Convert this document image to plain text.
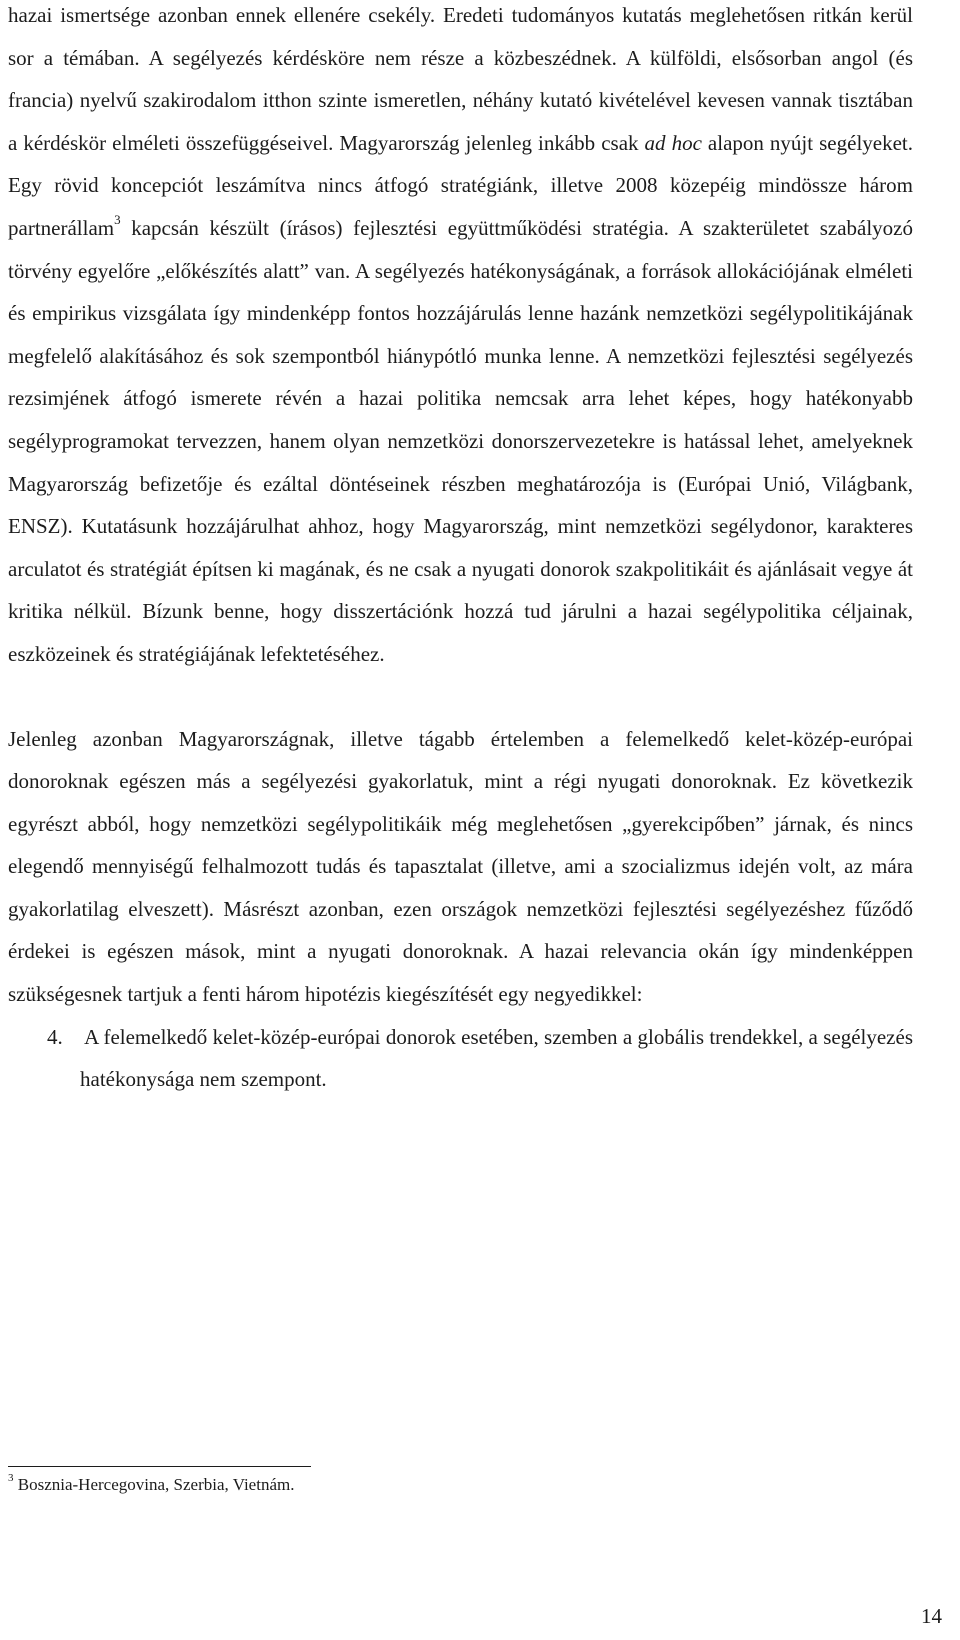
hazai ismertsége azonban ennek ellenére csekély. Eredeti tudományos kutatás meglehetősen ritkán kerül sor a témában. A segélyezés kérdésköre nem része a közbeszédnek. A külföldi, elsősorban angol (és francia) nyelvű szakirodalom itthon szinte ismeretlen, néhány kutató kivételével kevesen vannak tisztában a kérdéskör elméleti összefüggéseivel. Magyarország jelenleg inkább csak ad hoc alapon nyújt segélyeket. Egy rövid koncepciót leszámítva nincs átfogó stratégiánk, illetve 2008 közepéig mindössze három partnerállam$^3$ kapcsán készült (írásos) fejlesztési együttműködési stratégia. A szakterületet szabályozó törvény egyelőre „előkészítés alatt” van. A segélyezés hatékonyságának, a források allokációjának elméleti és empirikus vizsgálata így mindenképp fontos hozzájárulás lenne hazánk nemzetközi segélypolitikájának megfelelő alakításához és sok szempontból hiánypótló munka lenne. A nemzetközi fejlesztési segélyezés rezsimjének átfogó ismerete révén a hazai politika nemcsak arra lehet képes, hogy hatékonyabb segélyprogramokat tervezzen, hanem olyan nemzetközi donorszervezetekre is hatással lehet, amelyeknek Magyarország befizetője és ezáltal döntéseinek részben meghatározója is (Európai Unió, Világbank, ENSZ). Kutatásunk hozzájárulhat ahhoz, hogy Magyarország, mint nemzetközi segélydonor, karakteres arculatot és stratégiát építsen ki magának, és ne csak a nyugati donorok szakpolitikáit és ajánlásait vegye át kritika nélkül. Bízunk benne, hogy disszertációnk hozzá tud járulni a hazai segélypolitika céljainak, eszközeinek és stratégiájának lefektetéséhez.

Jelenleg azonban Magyarországnak, illetve tágabb értelemben a felemelkedő kelet-közép-európai donoroknak egészen más a segélyezési gyakorlatuk, mint a régi nyugati donoroknak. Ez következik egyrészt abból, hogy nemzetközi segélypolitikáik még meglehetősen „gyerekcipőben” járnak, és nincs elegendő mennyiségű felhalmozott tudás és tapasztalat (illetve, ami a szocializmus idején volt, az mára gyakorlatilag elveszett). Másrészt azonban, ezen országok nemzetközi fejlesztési segélyezéshez fűződő érdekei is egészen mások, mint a nyugati donoroknak. A hazai relevancia okán így mindenképpen szükségesnek tartjuk a fenti három hipotézis kiegészítését egy negyedikkel:

4. A felemelkedő kelet-közép-európai donorok esetében, szemben a globális trendekkel, a segélyezés hatékonysága nem szempont.

$^3$ Bosznia-Hercegovina, Szerbia, Vietnám.
14
